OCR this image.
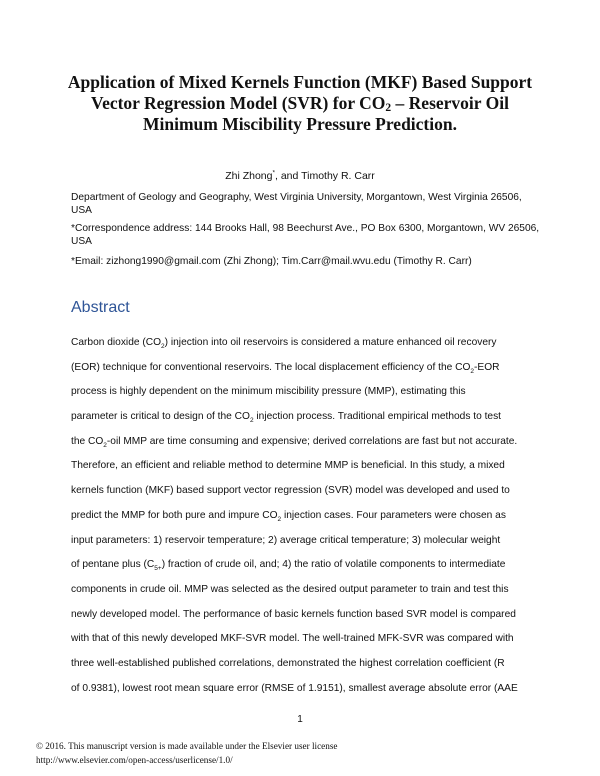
Application of Mixed Kernels Function (MKF) Based Support
Vector Regression Model (SVR) for CO2 – Reservoir Oil
Minimum Miscibility Pressure Prediction.
Zhi Zhong*, and Timothy R. Carr
Department of Geology and Geography, West Virginia University, Morgantown, West Virginia 26506, USA
*Correspondence address: 144 Brooks Hall, 98 Beechurst Ave., PO Box 6300, Morgantown, WV 26506, USA
*Email: zizhong1990@gmail.com (Zhi Zhong); Tim.Carr@mail.wvu.edu (Timothy R. Carr)
Abstract
Carbon dioxide $(CO_2)$ injection into oil reservoirs is considered a mature enhanced oil recovery
(EOR) technique for conventional reservoirs. The local displacement efficiency of the $CO_2$-EOR
process is highly dependent on the minimum miscibility pressure (MMP), estimating this
parameter is critical to design of the $CO_2$ injection process. Traditional empirical methods to test
the $CO_2$-oil MMP are time consuming and expensive; derived correlations are fast but not accurate.
Therefore, an efficient and reliable method to determine MMP is beneficial. In this study, a mixed
kernels function (MKF) based support vector regression (SVR) model was developed and used to
predict the MMP for both pure and impure $CO_2$ injection cases. Four parameters were chosen as
input parameters: 1) reservoir temperature; 2) average critical temperature; 3) molecular weight
of pentane plus $(C_{5+})$ fraction of crude oil, and; 4) the ratio of volatile components to intermediate
components in crude oil. MMP was selected as the desired output parameter to train and test this
newly developed model. The performance of basic kernels function based SVR model is compared
with that of this newly developed MKF-SVR model. The well-trained MFK-SVR was compared with
three well-established published correlations, demonstrated the highest correlation coefficient (R
of 0.9381), lowest root mean square error (RMSE of 1.9151), smallest average absolute error (AAE
1
© 2016. This manuscript version is made available under the Elsevier user license
http://www.elsevier.com/open-access/userlicense/1.0/
